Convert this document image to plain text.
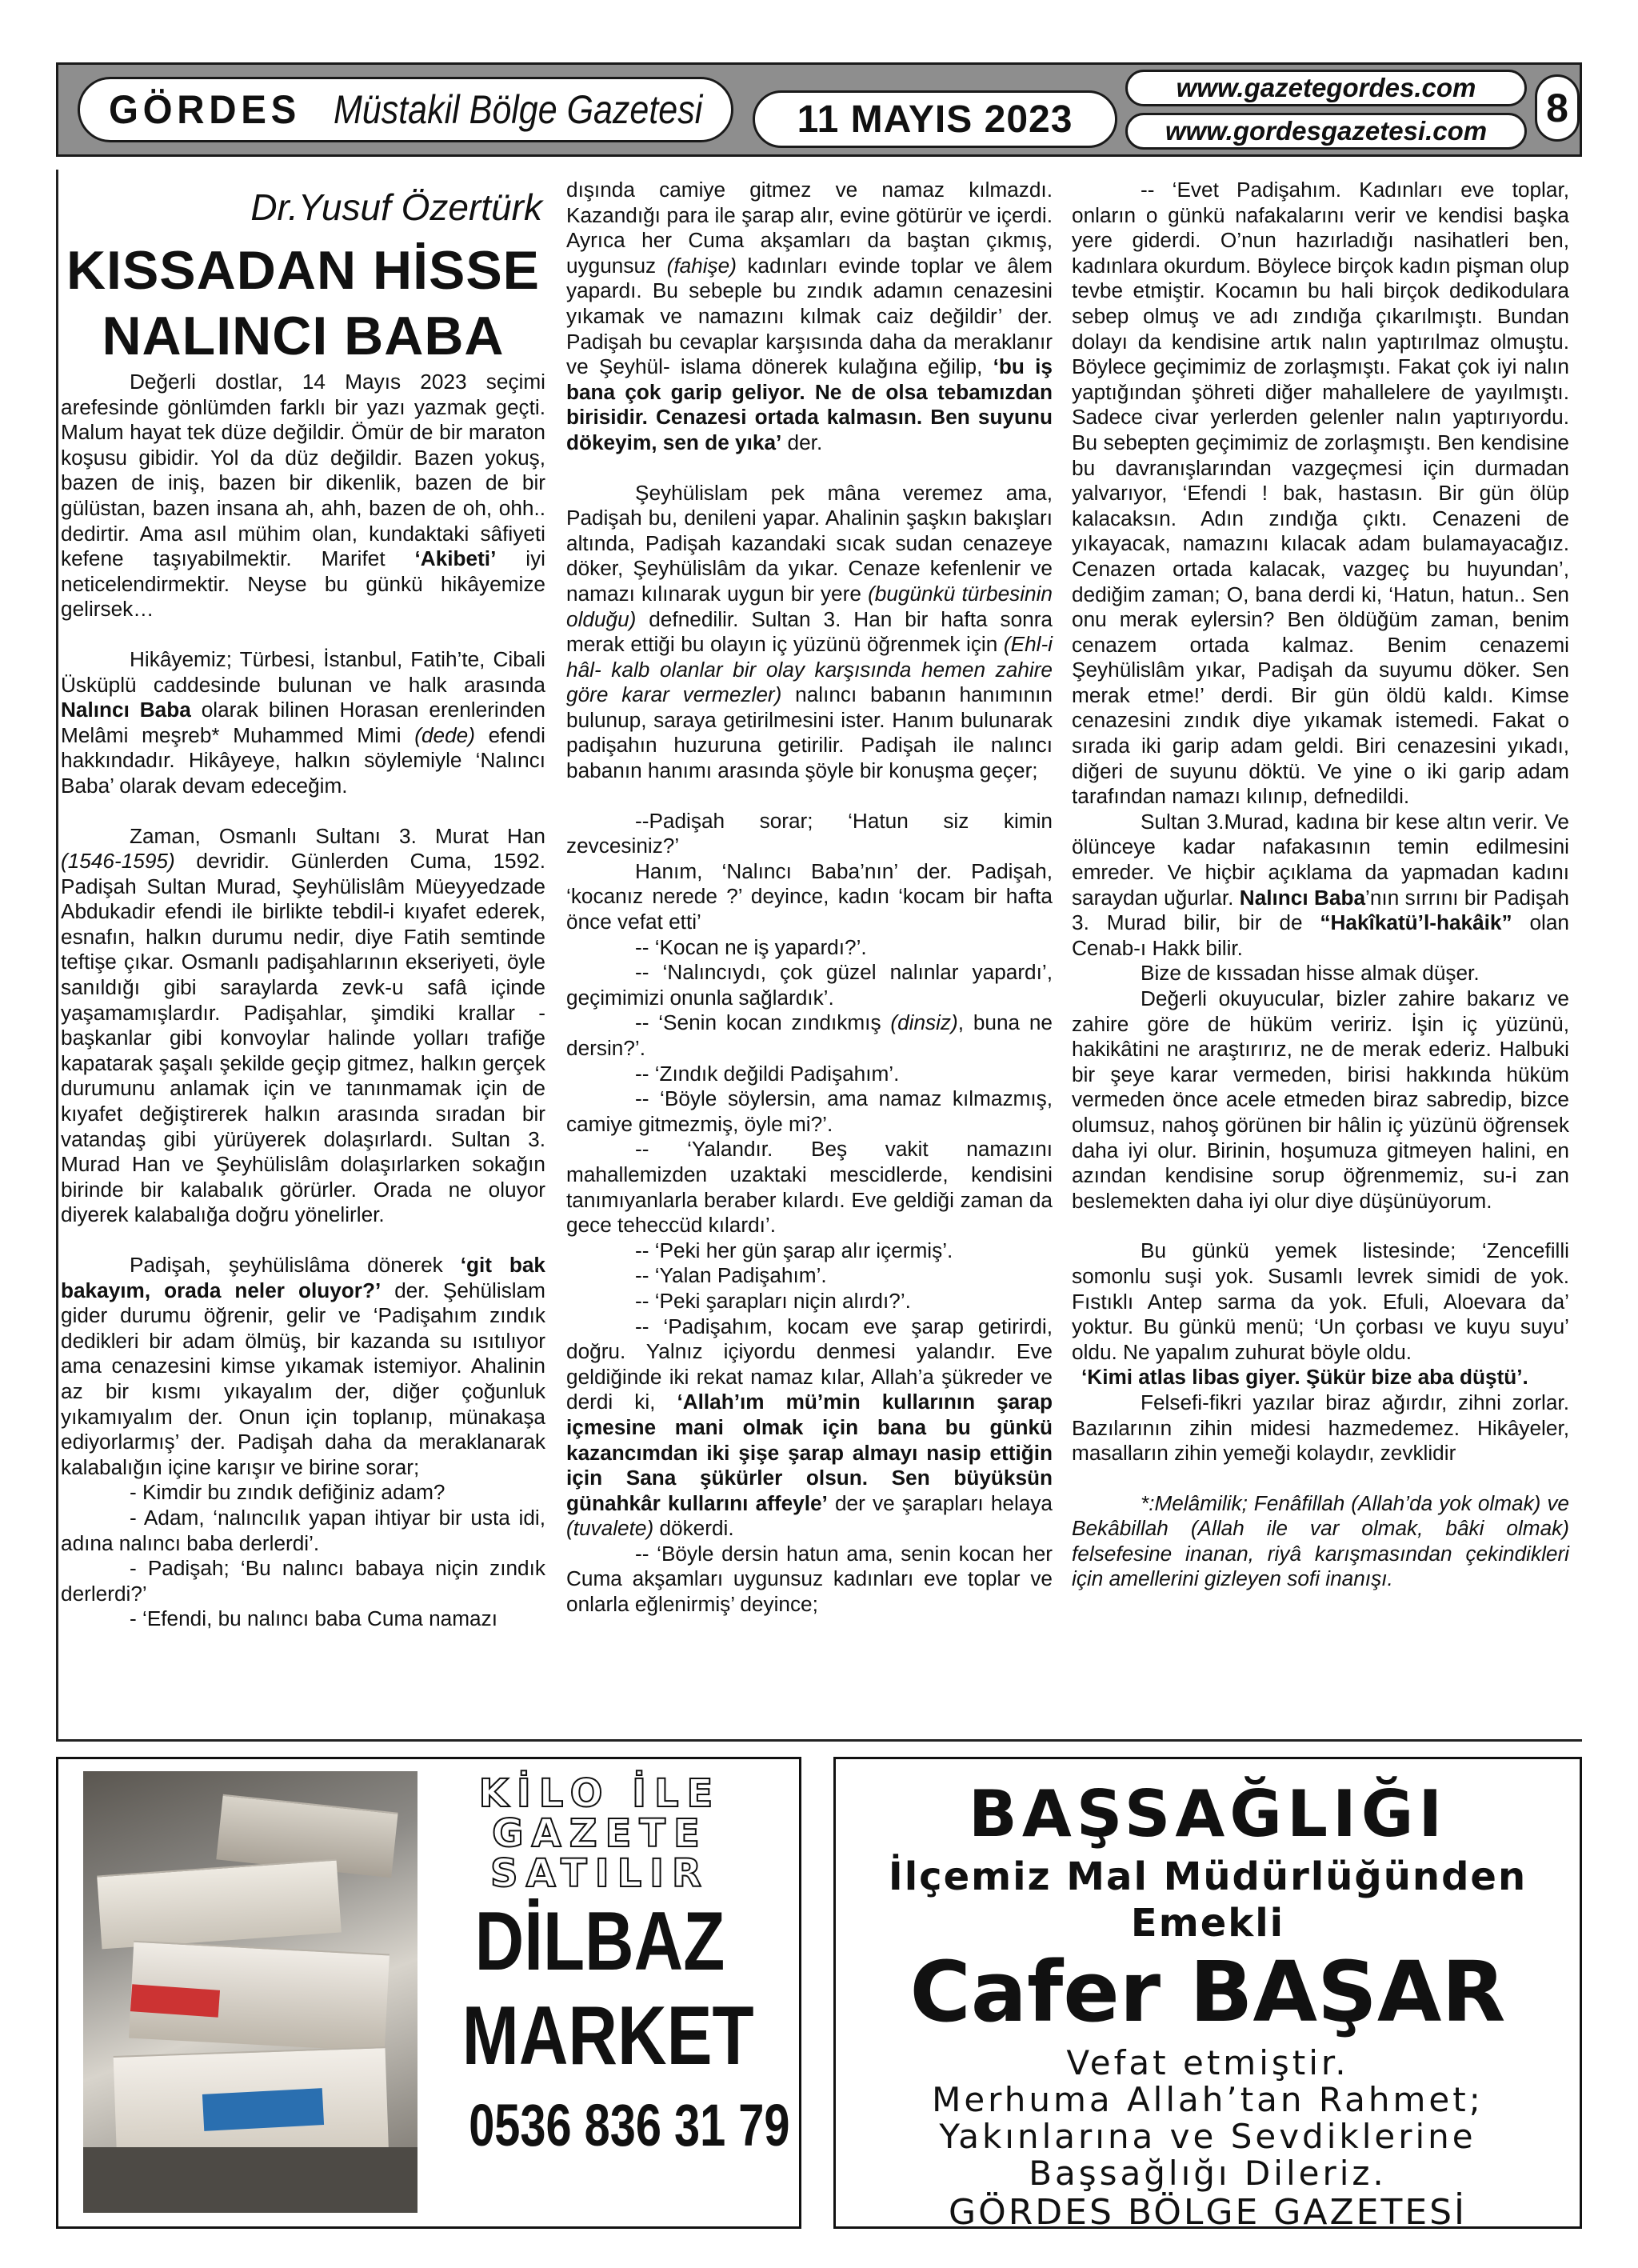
GÖRDES Müstakil Bölge Gazetesi	11 MAYIS 2023
www.gazetegordes.com
www.gordesgazetesi.com
8
Dr.Yusuf Özertürk
KISSADAN HİSSE
NALINCI BABA

Değerli dostlar, 14 Mayıs 2023 seçimi arefesinde gönlümden farklı bir yazı yazmak geçti. Malum hayat tek düze değildir. Ömür de bir maraton koşusu gibidir. Yol da düz değildir. Bazen yokuş, bazen de iniş, bazen bir dikenlik, bazen de bir gülüstan, bazen insana ah, ahh, bazen de oh, ohh.. dedirtir. Ama asıl mühim olan, kundaktaki sâfiyeti kefene taşıyabilmektir. Marifet ‘Akibeti’ iyi neticelendirmektir. Neyse bu günkü hikâyemize gelirsek…

Hikâyemiz; Türbesi, İstanbul, Fatih’te, Cibali Üsküplü caddesinde bulunan ve halk arasında Nalıncı Baba olarak bilinen Horasan erenlerinden Melâmi meşreb* Muhammed Mimi (dede) efendi hakkındadır. Hikâyeye, halkın söylemiyle ‘Nalıncı Baba’ olarak devam edeceğim.

Zaman, Osmanlı Sultanı 3. Murat Han (1546-1595) devridir. Günlerden Cuma, 1592. Padişah Sultan Murad, Şeyhülislâm Müeyyedzade Abdukadir efendi ile birlikte tebdil-i kıyafet ederek, esnafın, halkın durumu nedir, diye Fatih semtinde teftişe çıkar. Osmanlı padişahlarının ekseriyeti, öyle sanıldığı gibi saraylarda zevk-u safâ içinde yaşamamışlardır. Padişahlar, şimdiki krallar - başkanlar gibi konvoylar halinde yolları trafiğe kapatarak şaşalı şekilde geçip gitmez, halkın gerçek durumunu anlamak için ve tanınmamak için de kıyafet değiştirerek halkın arasında sıradan bir vatandaş gibi yürüyerek dolaşırlardı. Sultan 3. Murad Han ve Şeyhülislâm dolaşırlarken sokağın birinde bir kalabalık görürler. Orada ne oluyor diyerek kalabalığa doğru yönelirler.

Padişah, şeyhülislâma dönerek ‘git bak bakayım, orada neler oluyor?’ der. Şehülislam gider durumu öğrenir, gelir ve ‘Padişahım zındık dedikleri bir adam ölmüş, bir kazanda su ısıtılıyor ama cenazesini kimse yıkamak istemiyor. Ahalinin az bir kısmı yıkayalım der, diğer çoğunluk yıkamıyalım der. Onun için toplanıp, münakaşa ediyorlarmış’ der. Padişah daha da meraklanarak kalabalığın içine karışır ve birine sorar;

- Kimdir bu zındık defiğiniz adam?

- Adam, ‘nalıncılık yapan ihtiyar bir usta idi, adına nalıncı baba derlerdi’.

- Padişah; ‘Bu nalıncı babaya niçin zındık derlerdi?’

- ‘Efendi, bu nalıncı baba Cuma namazı

dışında camiye gitmez ve namaz kılmazdı. Kazandığı para ile şarap alır, evine götürür ve içerdi. Ayrıca her Cuma akşamları da baştan çıkmış, uygunsuz (fahişe) kadınları evinde toplar ve âlem yapardı. Bu sebeple bu zındık adamın cenazesini yıkamak ve namazını kılmak caiz değildir’ der. Padişah bu cevaplar karşısında daha da meraklanır ve Şeyhül- islama dönerek kulağına eğilip, ‘bu iş bana çok garip geliyor. Ne de olsa tebamızdan birisidir. Cenazesi ortada kalmasın. Ben suyunu dökeyim, sen de yıka’ der.

Şeyhülislam pek mâna veremez ama, Padişah bu, denileni yapar. Ahalinin şaşkın bakışları altında, Padişah kazandaki sıcak sudan cenazeye döker, Şeyhülislâm da yıkar. Cenaze kefenlenir ve namazı kılınarak uygun bir yere (bugünkü türbesinin olduğu) defnedilir. Sultan 3. Han bir hafta sonra merak ettiği bu olayın iç yüzünü öğrenmek için (Ehl-i hâl- kalb olanlar bir olay karşısında hemen zahire göre karar vermezler) nalıncı babanın hanımının bulunup, saraya getirilmesini ister. Hanım bulunarak padişahın huzuruna getirilir. Padişah ile nalıncı babanın hanımı arasında şöyle bir konuşma geçer;

--Padişah sorar; ‘Hatun siz kimin zevcesiniz?’

Hanım, ‘Nalıncı Baba’nın’ der. Padişah, ‘kocanız nerede ?’ deyince, kadın ‘kocam bir hafta önce vefat etti’

-- ‘Kocan ne iş yapardı?’.

-- ‘Nalıncıydı, çok güzel nalınlar yapardı’, geçimimizi onunla sağlardık’.

-- ‘Senin kocan zındıkmış (dinsiz), buna ne dersin?’.

-- ‘Zındık değildi Padişahım’.

-- ‘Böyle söylersin, ama namaz kılmazmış, camiye gitmezmiş, öyle mi?’.

-- ‘Yalandır. Beş vakit namazını mahallemizden uzaktaki mescidlerde, kendisini tanımıyanlarla beraber kılardı. Eve geldiği zaman da gece teheccüd kılardı’.

-- ‘Peki her gün şarap alır içermiş’.

-- ‘Yalan Padişahım’.

-- ‘Peki şarapları niçin alırdı?’.

-- ‘Padişahım, kocam eve şarap getirirdi, doğru. Yalnız içiyordu denmesi yalandır. Eve geldiğinde iki rekat namaz kılar, Allah’a şükreder ve derdi ki, ‘Allah’ım mü’min kullarının şarap içmesine mani olmak için bana bu günkü kazancımdan iki şişe şarap almayı nasip ettiğin için Sana şükürler olsun. Sen büyüksün günahkâr kullarını affeyle’ der ve şarapları helaya (tuvalete) dökerdi.

-- ‘Böyle dersin hatun ama, senin kocan her Cuma akşamları uygunsuz kadınları eve toplar ve onlarla eğlenirmiş’ deyince;

-- ‘Evet Padişahım. Kadınları eve toplar, onların o günkü nafakalarını verir ve kendisi başka yere giderdi. O’nun hazırladığı nasihatleri ben, kadınlara okurdum. Böylece birçok kadın pişman olup tevbe etmiştir. Kocamın bu hali birçok dedikodulara sebep olmuş ve adı zındığa çıkarılmıştı. Bundan dolayı da kendisine artık nalın yaptırılmaz olmuştu. Böylece geçimimiz de zorlaşmıştı. Fakat çok iyi nalın yaptığından şöhreti diğer mahallelere de yayılmıştı. Sadece civar yerlerden gelenler nalın yaptırıyordu. Bu sebepten geçimimiz de zorlaşmıştı. Ben kendisine bu davranışlarından vazgeçmesi için durmadan yalvarıyor, ‘Efendi ! bak, hastasın. Bir gün ölüp kalacaksın. Adın zındığa çıktı. Cenazeni de yıkayacak, namazını kılacak adam bulamayacağız. Cenazen ortada kalacak, vazgeç bu huyundan’, dediğim zaman; O, bana derdi ki, ‘Hatun, hatun.. Sen onu merak eylersin? Ben öldüğüm zaman, benim cenazem ortada kalmaz. Benim cenazemi Şeyhülislâm yıkar, Padişah da suyumu döker. Sen merak etme!’ derdi. Bir gün öldü kaldı. Kimse cenazesini zındık diye yıkamak istemedi. Fakat o sırada iki garip adam geldi. Biri cenazesini yıkadı, diğeri de suyunu döktü. Ve yine o iki garip adam tarafından namazı kılınıp, defnedildi.

Sultan 3.Murad, kadına bir kese altın verir. Ve ölünceye kadar nafakasının temin edilmesini emreder. Ve hiçbir açıklama da yapmadan kadını saraydan uğurlar. Nalıncı Baba’nın sırrını bir Padişah 3. Murad bilir, bir de “Hakîkatü’l-hakâik” olan Cenab-ı Hakk bilir.

Bize de kıssadan hisse almak düşer.

Değerli okuyucular, bizler zahire bakarız ve zahire göre de hüküm veririz. İşin iç yüzünü, hakikâtini ne araştırırız, ne de merak ederiz. Halbuki bir şeye karar vermeden, birisi hakkında hüküm vermeden önce acele etmeden biraz sabredip, bizce olumsuz, nahoş görünen bir hâlin iç yüzünü öğrensek daha iyi olur. Birinin, hoşumuza gitmeyen halini, en azından kendisine sorup öğrenmemiz, su-i zan beslemekten daha iyi olur diye düşünüyorum.

Bu günkü yemek listesinde; ‘Zencefilli somonlu suşi yok. Susamlı levrek simidi de yok. Fıstıklı Antep sarma da yok. Efuli, Aloevara da’ yoktur. Bu günkü menü; ‘Un çorbası ve kuyu suyu’ oldu. Ne yapalım zuhurat böyle oldu.

‘Kimi atlas libas giyer. Şükür bize aba düştü’.

Felsefi-fikri yazılar biraz ağırdır, zihni zorlar. Bazılarının zihin midesi hazmedemez. Hikâyeler, masalların zihin yemeği kolaydır, zevklidir

*:Melâmilik; Fenâfillah (Allah’da yok olmak) ve Bekâbillah (Allah ile var olmak, bâki olmak) felsefesine inanan, riyâ karışmasından çekindikleri için amellerini gizleyen sofi inanışı.

KİLO İLE
GAZETE
SATILIR
DİLBAZ
MARKET
0536 836 31 79
BAŞSAĞLIĞI
İlçemiz Mal Müdürlüğünden
Emekli
Cafer BAŞAR
Vefat etmiştir.
Merhuma Allah’tan Rahmet;
Yakınlarına ve Sevdiklerine
Başsağlığı Dileriz.
GÖRDES BÖLGE GAZETESİ
